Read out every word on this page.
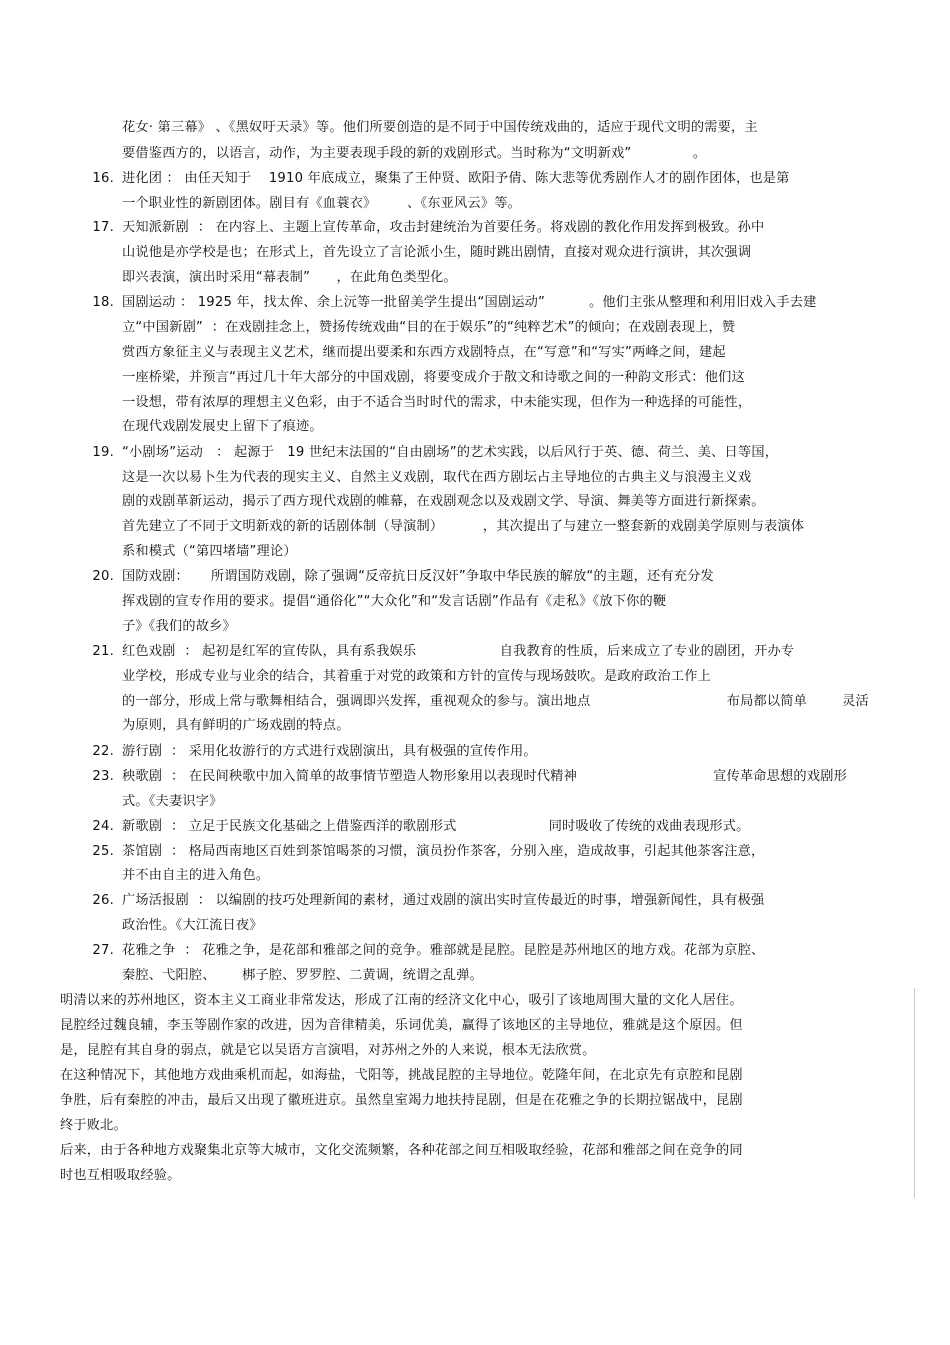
花女· 第三幕》 、《黑奴吁天录》等。他们所要创造的是不同于中国传统戏曲的，适应于现代文明的需要，主
要借鉴西方的，以语言，动作，为主要表现手段的新的戏剧形式。当时称为“文明新戏”              。
16. 进化团 ： 由任天知于    1910 年底成立，聚集了王仲贤、欧阳予倩、陈大悲等优秀剧作人才的剧作团体，也是第
一个职业性的新剧团体。剧目有《血蓑衣》       、《东亚风云》等。
17. 天知派新剧  ： 在内容上、主题上宣传革命，攻击封建统治为首要任务。将戏剧的教化作用发挥到极致。孙中
山说他是亦学校是也；在形式上，首先设立了言论派小生，随时跳出剧情，直接对观众进行演讲，其次强调
即兴表演，演出时采用“幕表制”      ，在此角色类型化。
18. 国剧运动 ： 1925 年，找太侔、余上沅等一批留美学生提出“国剧运动”          。他们主张从整理和利用旧戏入手去建
立“中国新剧”  ：在戏剧挂念上，赞扬传统戏曲“目的在于娱乐”的“纯粹艺术”的倾向；在戏剧表现上，赞
赏西方象征主义与表现主义艺术，继而提出要柔和东西方戏剧特点，在“写意”和“写实”两峰之间，建起
一座桥梁，并预言“再过几十年大部分的中国戏剧，将要变成介于散文和诗歌之间的一种韵文形式：他们这
一设想，带有浓厚的理想主义色彩，由于不适合当时时代的需求，中未能实现，但作为一种选择的可能性，
在现代戏剧发展史上留下了痕迹。
19. “小剧场”运动   ： 起源于   19 世纪末法国的“自由剧场”的艺术实践，以后风行于英、德、荷兰、美、日等国，
这是一次以易卜生为代表的现实主义、自然主义戏剧，取代在西方剧坛占主导地位的古典主义与浪漫主义戏
剧的戏剧革新运动，揭示了西方现代戏剧的帷幕，在戏剧观念以及戏剧文学、导演、舞美等方面进行新探索。
首先建立了不同于文明新戏的新的话剧体制（导演制）         ，其次提出了与建立一整套新的戏剧美学原则与表演体
系和模式（“第四堵墙”理论）
20. 国防戏剧：     所谓国防戏剧，除了强调“反帝抗日反汉奸”争取中华民族的解放“的主题，还有充分发
挥戏剧的宣专作用的要求。提倡“通俗化”“大众化”和“发言话剧”作品有《走私》《放下你的鞭
子》《我们的故乡》
21. 红色戏剧  ： 起初是红军的宣传队，具有系我娱乐                   自我教育的性质，后来成立了专业的剧团，开办专
业学校，形成专业与业余的结合，其着重于对党的政策和方针的宣传与现场鼓吹。是政府政治工作上
的一部分，形成上常与歌舞相结合，强调即兴发挥，重视观众的参与。演出地点                               布局都以简单        灵活
为原则，具有鲜明的广场戏剧的特点。
22. 游行剧  ： 采用化妆游行的方式进行戏剧演出，具有极强的宣传作用。
23. 秧歌剧  ： 在民间秧歌中加入简单的故事情节塑造人物形象用以表现时代精神                               宣传革命思想的戏剧形
式。《夫妻识字》
24. 新歌剧  ： 立足于民族文化基础之上借鉴西洋的歌剧形式                     同时吸收了传统的戏曲表现形式。
25. 茶馆剧  ： 格局西南地区百姓到茶馆喝茶的习惯，演员扮作茶客，分别入座，造成故事，引起其他茶客注意，
并不由自主的进入角色。
26. 广场活报剧  ： 以编剧的技巧处理新闻的素材，通过戏剧的演出实时宣传最近的时事，增强新闻性，具有极强
政治性。《大江流日夜》
27. 花雅之争  ： 花雅之争，是花部和雅部之间的竞争。雅部就是昆腔。昆腔是苏州地区的地方戏。花部为京腔、
秦腔、弋阳腔、      梆子腔、罗罗腔、二黄调，统谓之乱弹。
明清以来的苏州地区，资本主义工商业非常发达，形成了江南的经济文化中心，吸引了该地周围大量的文化人居住。
昆腔经过魏良辅，李玉等剧作家的改进，因为音律精美，乐词优美，赢得了该地区的主导地位，雅就是这个原因。但
是，昆腔有其自身的弱点，就是它以吴语方言演唱，对苏州之外的人来说，根本无法欣赏。
在这种情况下，其他地方戏曲乘机而起，如海盐，弋阳等，挑战昆腔的主导地位。乾隆年间，在北京先有京腔和昆剧
争胜，后有秦腔的冲击，最后又出现了徽班进京。虽然皇室竭力地扶持昆剧，但是在花雅之争的长期拉锯战中，昆剧
终于败北。
后来，由于各种地方戏聚集北京等大城市，文化交流频繁，各种花部之间互相吸取经验，花部和雅部之间在竞争的同
时也互相吸取经验。
